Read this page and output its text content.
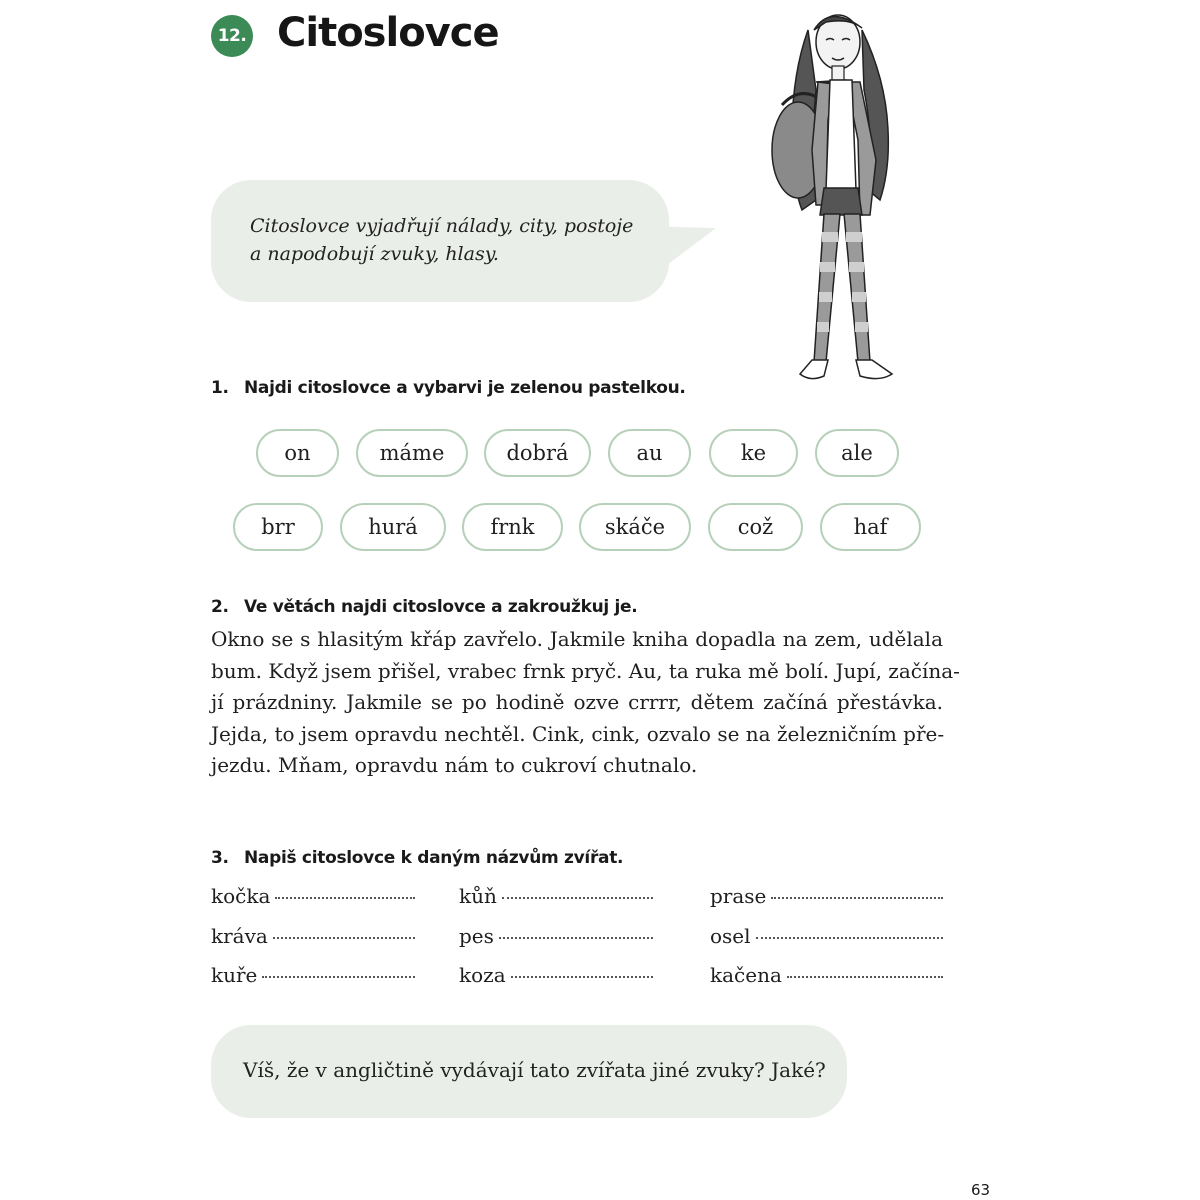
12. Citoslovce
Citoslovce vyjadřují nálady, city, postoje
a napodobují zvuky, hlasy.
1. Najdi citoslovce a vybarvi je zelenou pastelkou.
on	máme	dobrá	au	ke	ale
brr	hurá	frnk	skáče	což	haf
2. Ve větách najdi citoslovce a zakroužkuj je.
Okno se s hlasitým křáp zavřelo. Jakmile kniha dopadla na zem, udělala
bum. Když jsem přišel, vrabec frnk pryč. Au, ta ruka mě bolí. Jupí, začína-
jí prázdniny. Jakmile se po hodině ozve crrrr, dětem začíná přestávka.
Jejda, to jsem opravdu nechtěl. Cink, cink, ozvalo se na železničním pře-
jezdu. Mňam, opravdu nám to cukroví chutnalo.
3. Napiš citoslovce k daným názvům zvířat.
kočka	kůň	prase
kráva	pes	osel
kuře	koza	kačena
Víš, že v angličtině vydávají tato zvířata jiné zvuky? Jaké?
63
